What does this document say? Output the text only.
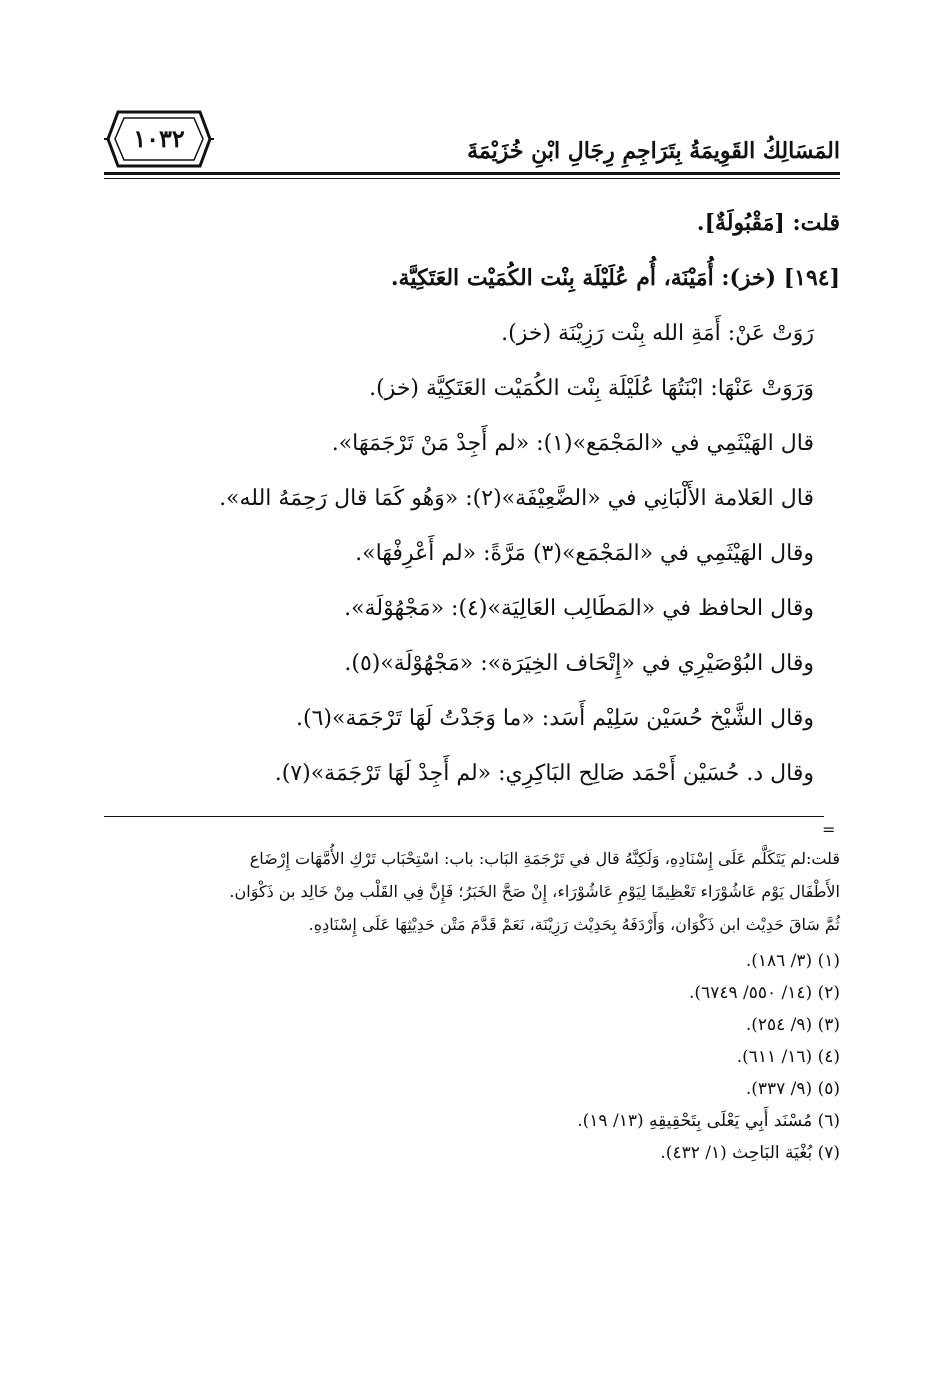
المَسَالِكُ القَوِيمَةُ بِتَرَاجِمِ رِجَالِ ابْنِ خُزَيْمَةَ
١٠٣٢
قلت: [مَقْبُولَةٌ].
[١٩٤] (خز): أُمَيْنَة، أُم عُلَيْلَة بِنْت الكُمَيْت العَتَكِيَّة.
رَوَتْ عَنْ: أَمَةِ الله بِنْت رَزِيْنَة (خز).
وَرَوَتْ عَنْهَا: ابْنَتُهَا عُلَيْلَة بِنْت الكُمَيْت العَتَكِيَّة (خز).
قال الهَيْثَمِي في «المَجْمَع»(١): «لم أَجِدْ مَنْ تَرْجَمَهَا».
قال العَلامة الأَلْبَانِي في «الضَّعِيْفَة»(٢): «وَهُو كَمَا قال رَحِمَهُ الله».
وقال الهَيْثَمِي في «المَجْمَع»(٣) مَرَّةً: «لم أَعْرِفْهَا».
وقال الحافظ في «المَطَالِب العَالِيَة»(٤): «مَجْهُوْلَة».
وقال البُوْصَيْرِي في «إِتْحَاف الخِيَرَة»: «مَجْهُوْلَة»(٥).
وقال الشَّيْخ حُسَيْن سَلِيْم أَسَد: «ما وَجَدْتُ لَهَا تَرْجَمَة»(٦).
وقال د. حُسَيْن أَحْمَد صَالِح البَاكِرِي: «لم أَجِدْ لَهَا تَرْجَمَة»(٧).
=
قلت:لم يَتَكَلَّم عَلَى إِسْنَادِهِ، وَلَكِنَّهُ قال في تَرْجَمَةِ البَاب: باب: اسْتِحْبَاب تَرْكِ الأُمَّهَات إِرْضَاع
الأَطْفَال يَوْم عَاشُوْرَاء تَعْظِيمًا لِيَوْمِ عَاشُوْرَاء، إِنْ صَحَّ الخَبَرُ؛ فَإِنَّ فِي القَلْب مِنْ خَالِد بن ذَكْوَان.
ثُمَّ سَاقَ حَدِيْث ابن ذَكْوَان، وَأَرْدَفَهُ بِحَدِيْث رَزِيْنَة، نَعَمْ قَدَّمَ مَتْن حَدِيْثِهَا عَلَى إِسْنَادِهِ.
(١) (٣/ ١٨٦).
(٢) (١٤/ ٥٥٠/ ٦٧٤٩).
(٣) (٩/ ٢٥٤).
(٤) (١٦/ ٦١١).
(٥) (٩/ ٣٣٧).
(٦) مُسْنَد أَبِي يَعْلَى بِتَحْقِيقِهِ (١٣/ ١٩).
(٧) بُغْيَة البَاحِث (١/ ٤٣٢).
